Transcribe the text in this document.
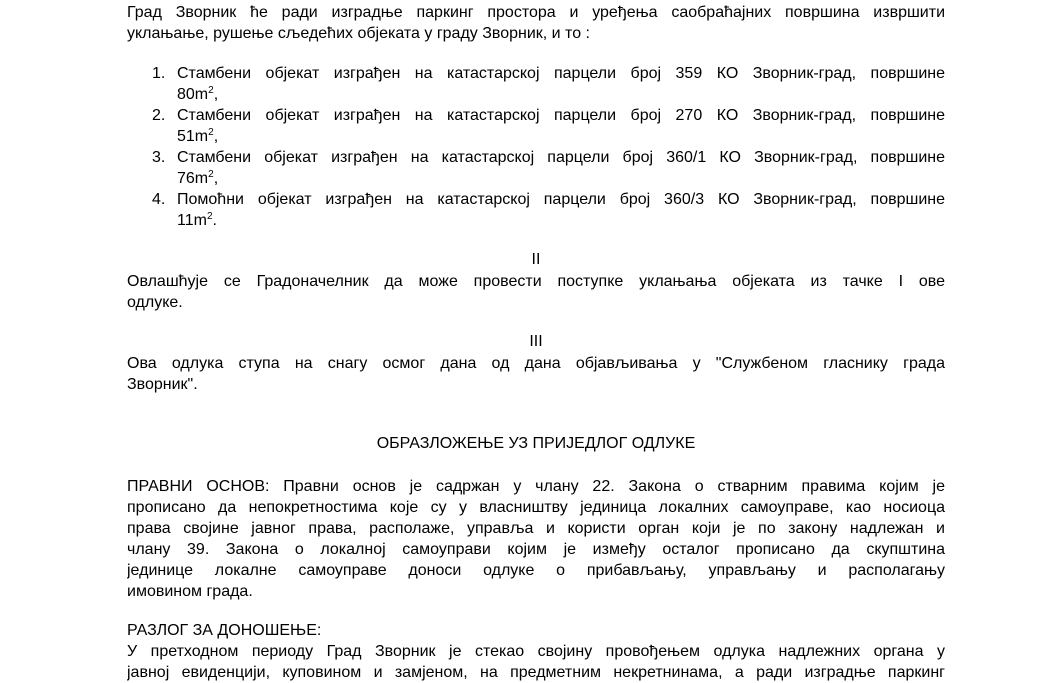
Град Зворник ће ради изградње паркинг простора и уређења саобраћајних површина извршити
уклањање, рушење сљедећих објеката у граду Зворник, и то :
1. Стамбени објекат изграђен на катастарској парцели број 359 КО Зворник-град, површине
$80m^2$,
2. Стамбени објекат изграђен на катастарској парцели број 270 КО Зворник-град, површине
$51m^2$,
3. Стамбени објекат изграђен на катастарској парцели број 360/1 КО Зворник-град, површине
$76m^2$,
4. Помоћни објекат изграђен на катастарској парцели број 360/3 КО Зворник-град, површине
$11m^2$.
II
Овлашћује се Градоначелник да може провести поступке уклањања објеката из тачке I ове
одлуке.
III
Ова одлука ступа на снагу осмог дана од дана објављивања у "Службеном гласнику града
Зворник".
ОБРАЗЛОЖЕЊЕ УЗ ПРИЈЕДЛОГ ОДЛУКЕ
ПРАВНИ ОСНОВ: Правни основ је садржан у члану 22. Закона о стварним правима којим је
прописано да непокретностима које су у власништву јединица локалних самоуправе, као носиоца
права својине јавног права, располаже, управља и користи орган који је по закону надлежан и
члану 39. Закона о локалној самоуправи којим је између осталог прописано да скупштина
јединице локалне самоуправе доноси одлуке о прибављању, управљању и располагању
имовином града.
РАЗЛОГ ЗА ДОНОШЕЊЕ:
У претходном периоду Град Зворник је стекао својину провођењем одлука надлежних органа у
јавној евиденцији, куповином и замјеном, на предметним некретнинама, а ради изградње паркинг
